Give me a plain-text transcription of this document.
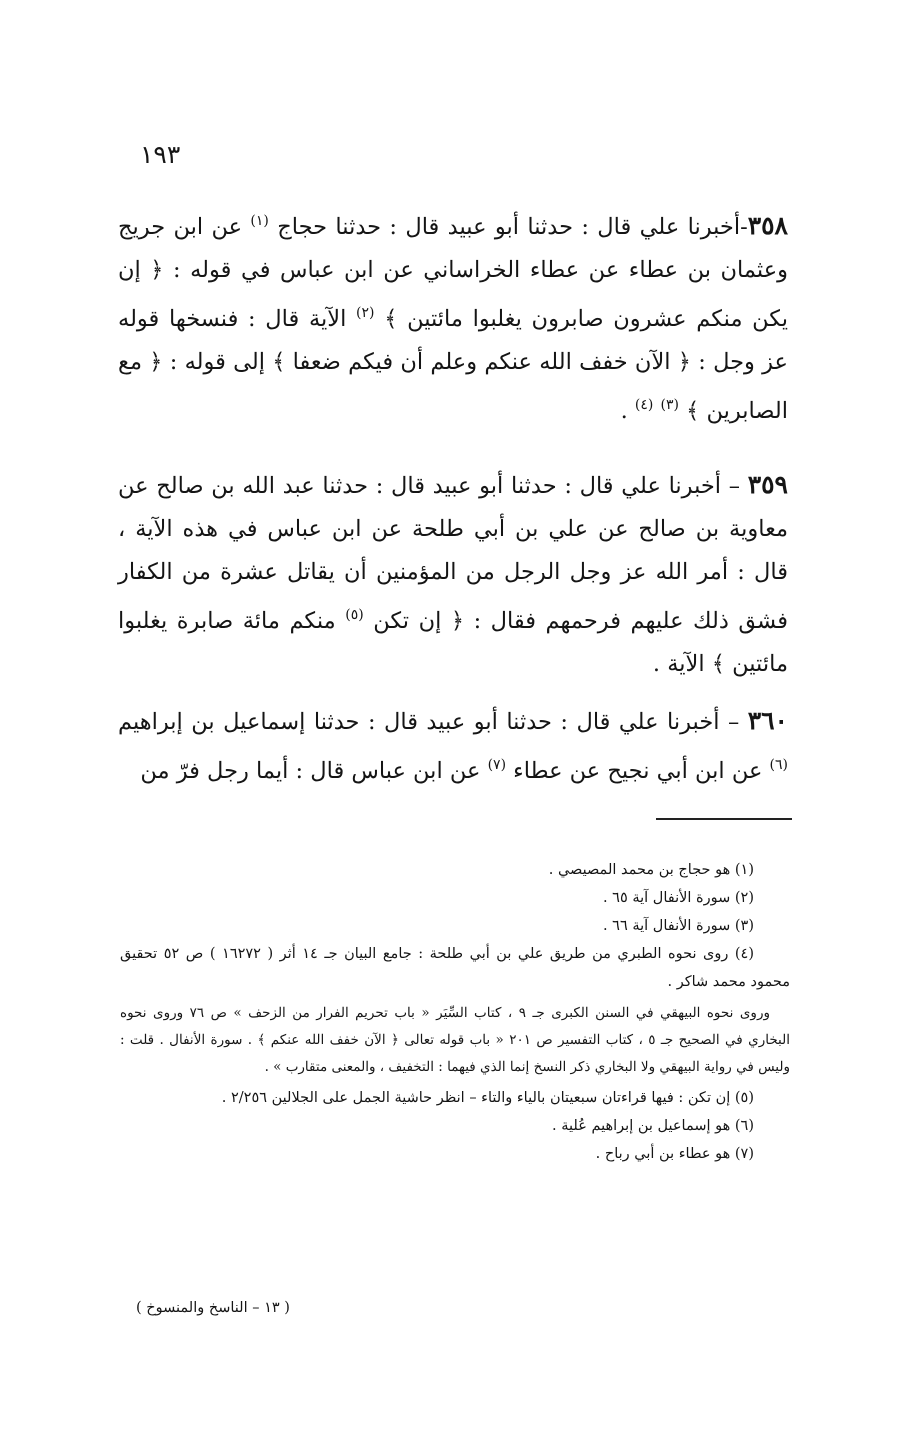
١٩٣

٣٥٨-أخبرنا علي قال : حدثنا أبو عبيد قال : حدثنا حجاج $^{(١)}$ عن ابن جريج وعثمان بن عطاء عن عطاء الخراساني عن ابن عباس في قوله : ﴿ إن يكن منكم عشرون صابرون يغلبوا مائتين ﴾ $^{(٢)}$ الآية قال : فنسخها قوله عز وجل : ﴿ الآن خفف الله عنكم وعلم أن فيكم ضعفا ﴾ إلى قوله : ﴿ مع الصابرين ﴾ $^{(٣)}$ $^{(٤)}$ .

٣٥٩ – أخبرنا علي قال : حدثنا أبو عبيد قال : حدثنا عبد الله بن صالح عن معاوية بن صالح عن علي بن أبي طلحة عن ابن عباس في هذه الآية ، قال : أمر الله عز وجل الرجل من المؤمنين أن يقاتل عشرة من الكفار فشق ذلك عليهم فرحمهم فقال : ﴿ إن تكن $^{(٥)}$ منكم مائة صابرة يغلبوا مائتين ﴾ الآية .

٣٦٠ – أخبرنا علي قال : حدثنا أبو عبيد قال : حدثنا إسماعيل بن إبراهيم $^{(٦)}$ عن ابن أبي نجيح عن عطاء $^{(٧)}$ عن ابن عباس قال : أيما رجل فرّ من

(١) هو حجاج بن محمد المصيصي .

(٢) سورة الأنفال آية ٦٥ .

(٣) سورة الأنفال آية ٦٦ .

(٤) روى نحوه الطبري من طريق علي بن أبي طلحة : جامع البيان جـ ١٤ أثر ( ١٦٢٧٢ ) ص ٥٢ تحقيق محمود محمد شاكر .

وروى نحوه البيهقي في السنن الكبرى جـ ٩ ، كتاب السِّيَر « باب تحريم الفرار من الزحف » ص ٧٦ وروى نحوه البخاري في الصحيح جـ ٥ ، كتاب التفسير ص ٢٠١ « باب قوله تعالى ﴿ الآن خفف الله عنكم ﴾ . سورة الأنفال . قلت : وليس في رواية البيهقي ولا البخاري ذكر النسخ إنما الذي فيهما : التخفيف ، والمعنى متقارب » .

(٥) إن تكن : فيها قراءتان سبعيتان بالياء والتاء – انظر حاشية الجمل على الجلالين ٢/٢٥٦ .

(٦) هو إسماعيل بن إبراهيم عُلية .

(٧) هو عطاء بن أبي رباح .

( ١٣ – الناسخ والمنسوخ )
